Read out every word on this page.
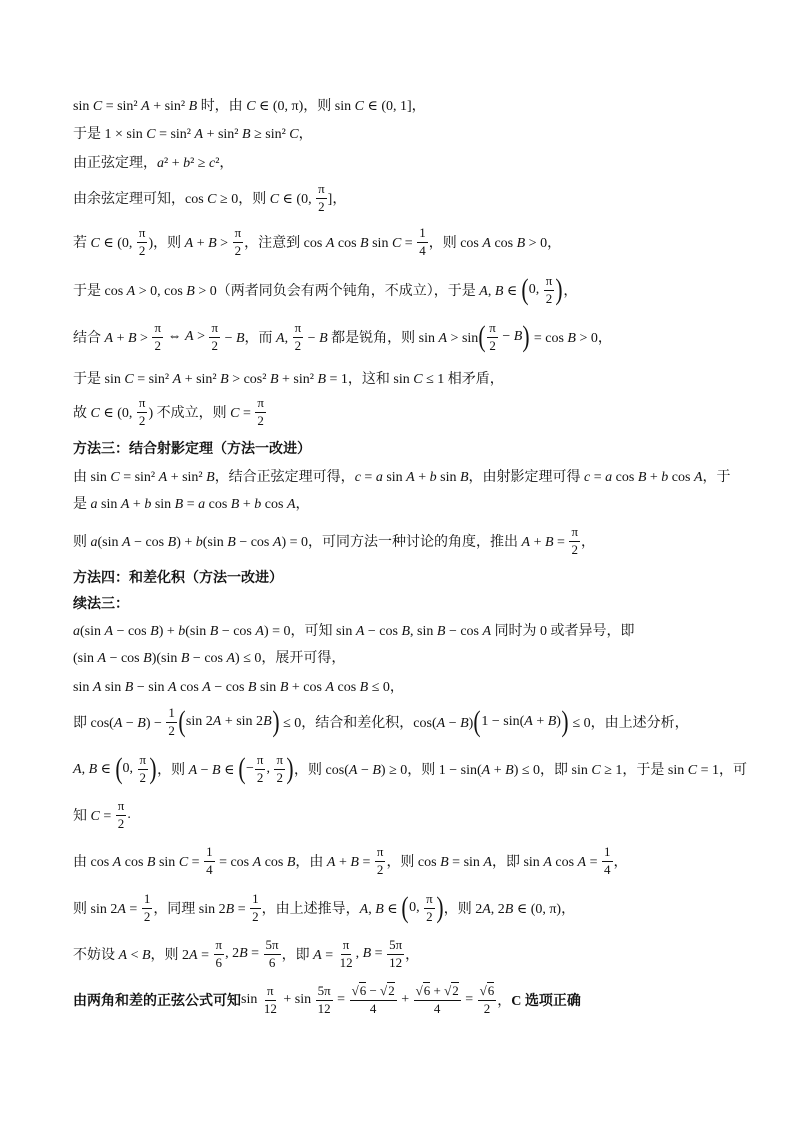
sin C = sin² A + sin² B 时，由 C ∈ (0, π)，则 sin C ∈ (0, 1]，
于是 1 × sin C = sin² A + sin² B ≥ sin² C，
由正弦定理，a² + b² ≥ c²，
由余弦定理可知，cos C ≥ 0，则 C ∈ (0, $\frac{\pi}{2}$ ]，
若 C ∈ (0, $\frac{\pi}{2}$ )，则 $A + B > \frac{\pi}{2}$ ，注意到 cos A cos B $\sin C = \frac{1}{4}$ ，则 cos A cos B > 0，
于是 cos A > 0, cos B > 0（两者同负会有两个钝角，不成立），于是 A, B ∈ ( 0, $\frac{\pi}{2}$ ) ，
结合 $A + B > \frac{\pi}{2}$ ⇔ $A > \frac{\pi}{2} - B$，而 A, $\frac{\pi}{2} - B$ 都是锐角，则 sin A > sin ( $\frac{\pi}{2} - B$ ) = cos B > 0，
于是 sin C = sin² A + sin² B > cos² B + sin² B = 1，这和 sin C ≤ 1 相矛盾，
故 C ∈ (0, $\frac{\pi}{2}$ ) 不成立，则 $C = \frac{\pi}{2}$
方法三：结合射影定理（方法一改进）
由 sin C = sin² A + sin² B，结合正弦定理可得，c = a sin A + b sin B，由射影定理可得 c = a cos B + b cos A，于
是 a sin A + b sin B = a cos B + b cos A，
则 a(sin A − cos B) + b(sin B − cos A) = 0，可同方法一种讨论的角度，推出 $A + B = \frac{\pi}{2}$ ，
方法四：和差化积（方法一改进）
续法三：
a(sin A − cos B) + b(sin B − cos A) = 0，可知 sin A − cos B, sin B − cos A 同时为 0 或者异号，即
(sin A − cos B)(sin B − cos A) ≤ 0，展开可得，
sin A sin B − sin A cos A − cos B sin B + cos A cos B ≤ 0，
即 $\cos(A - B) - \frac{1}{2}$ ( sin 2A + sin 2B ) ≤ 0，结合和差化积，cos(A − B) ( 1 − sin(A + B) ) ≤ 0，由上述分析，
A, B ∈ ( 0, $\frac{\pi}{2}$ ) ，则 A − B ∈ ( − $\frac{\pi}{2}$ , $\frac{\pi}{2}$ ) ，则 cos(A − B) ≥ 0，则 1 − sin(A + B) ≤ 0，即 sin C ≥ 1，于是 sin C = 1，可
知 $C = \frac{\pi}{2}$ .
由 cos A cos B $\sin C = \frac{1}{4} = \cos A$ cos B，由 $A + B = \frac{\pi}{2}$ ，则 cos B = sin A，即 sin A $\cos A = \frac{1}{4}$ ，
则 $\sin 2A = \frac{1}{2}$ ，同理 $\sin 2B = \frac{1}{2}$ ，由上述推导，A, B ∈ ( 0, $\frac{\pi}{2}$ ) ，则 2A, 2B ∈ (0, π)，
不妨设 A < B，则 $2A = \frac{\pi}{6}$ , $2B = \frac{5\pi}{6}$ ，即 $A = \frac{\pi}{12}$ , $B = \frac{5\pi}{12}$ ，
由两角和差的正弦公式可知 $\sin \frac{\pi}{12} + \sin \frac{5\pi}{12} = \frac{√6 - √2}{4} + \frac{√6 + √2}{4} = \frac{√6}{2}$ ， C 选项正确
